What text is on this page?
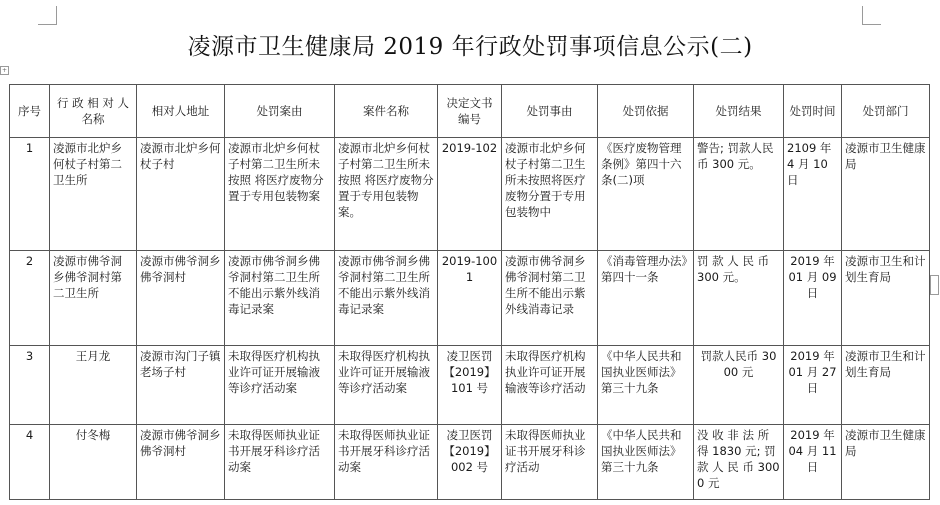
+
凌源市卫生健康局 2019 年行政处罚事项信息公示(二)
序号	行 政 相 对 人 名称	相对人地址	处罚案由	案件名称	决定文书编号	处罚事由	处罚依据	处罚结果	处罚时间	处罚部门
1	凌源市北炉乡何杖子村第二卫生所	凌源市北炉乡何杖子村	凌源市北炉乡何杖子村第二卫生所未按照 将医疗废物分置于专用包装物案	凌源市北炉乡何杖子村第二卫生所未按照 将医疗废物分置于专用包装物案。	2019-102	凌源市北炉乡何杖子村第二卫生所未按照将医疗废物分置于专用包装物中	《医疗废物管理条例》第四十六条(二)项	警告; 罚款人民币 300 元。	2109 年 4 月 10 日	凌源市卫生健康局
2	凌源市佛爷洞乡佛爷洞村第二卫生所	凌源市佛爷洞乡佛爷洞村	凌源市佛爷洞乡佛爷洞村第二卫生所不能出示紫外线消毒记录案	凌源市佛爷洞乡佛爷洞村第二卫生所不能出示紫外线消毒记录案	2019-1001	凌源市佛爷洞乡佛爷洞村第二卫生所不能出示紫外线消毒记录	《消毒管理办法》第四十一条	罚 款 人 民 币 300 元。	2019 年 01 月 09 日	凌源市卫生和计划生育局
3	王月龙	凌源市沟门子镇老场子村	未取得医疗机构执业许可证开展输液等诊疗活动案	未取得医疗机构执业许可证开展输液等诊疗活动案	凌卫医罚【2019】101 号	未取得医疗机构执业许可证开展输液等诊疗活动	《中华人民共和国执业医师法》第三十九条	罚款人民币 3000 元	2019 年 01 月 27 日	凌源市卫生和计划生育局
4	付冬梅	凌源市佛爷洞乡佛爷洞村	未取得医师执业证书开展牙科诊疗活动案	未取得医师执业证书开展牙科诊疗活动案	凌卫医罚【2019】002 号	未取得医师执业证书开展牙科诊疗活动	《中华人民共和国执业医师法》第三十九条	没 收 非 法 所 得 1830 元; 罚 款 人 民 币 3000 元	2019 年 04 月 11 日	凌源市卫生健康局
